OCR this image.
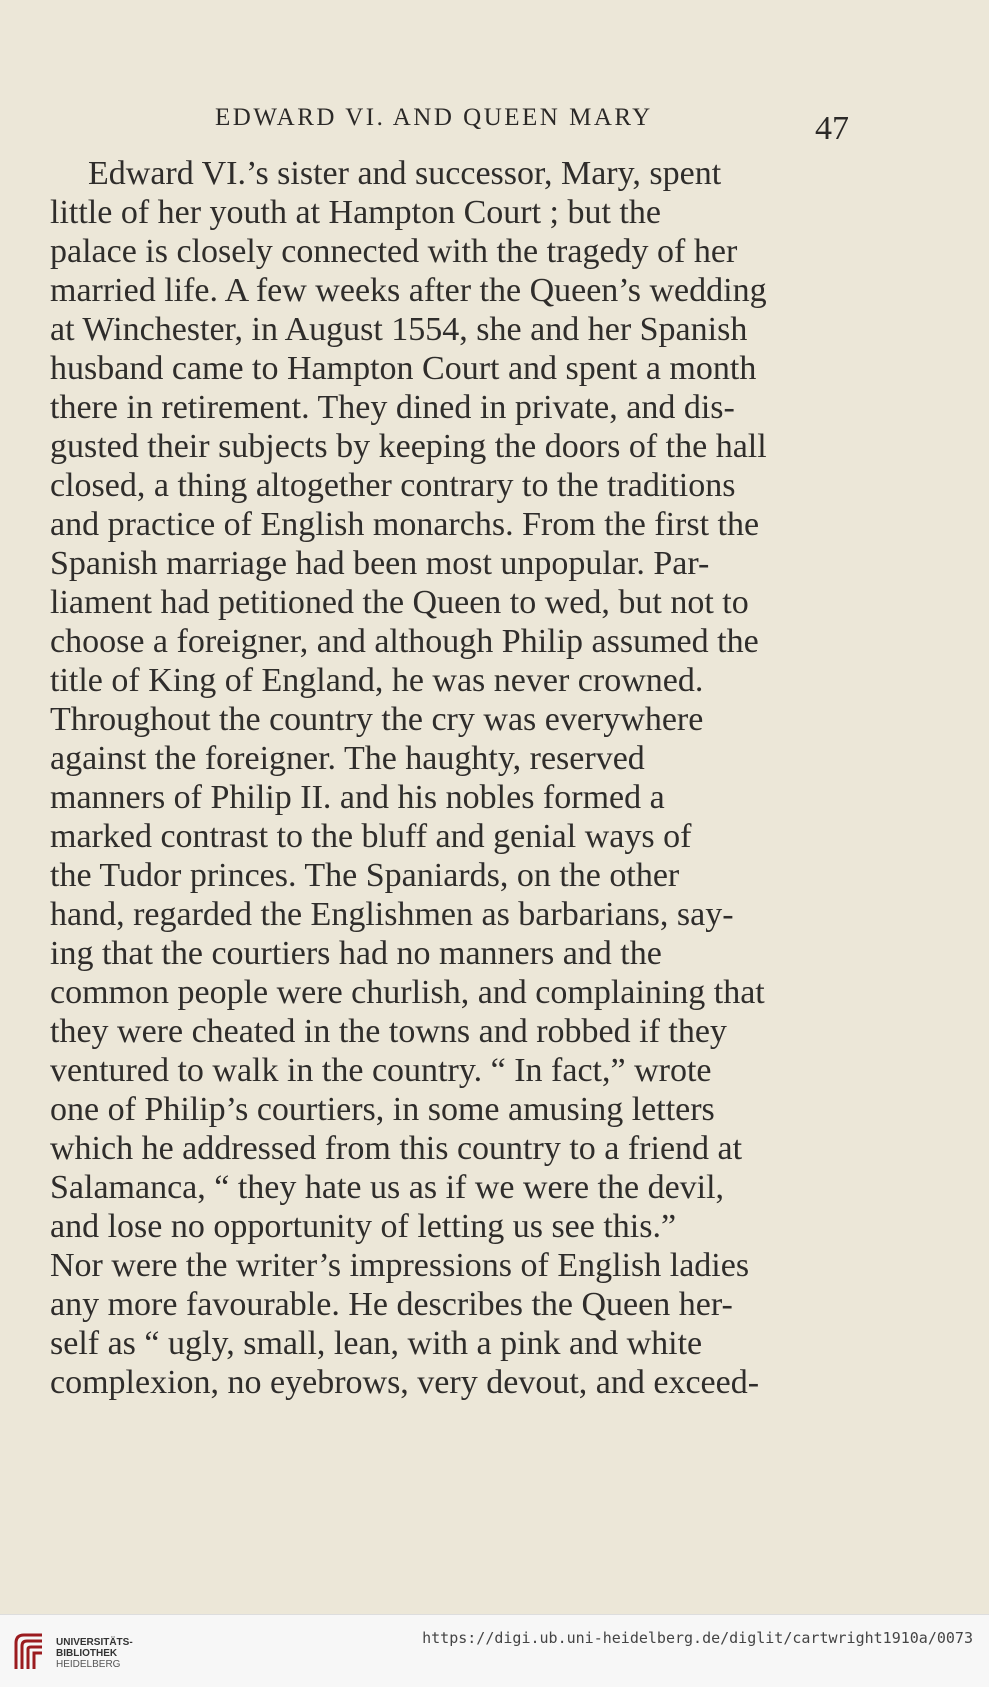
EDWARD VI. AND QUEEN MARY	47
Edward VI.’s sister and successor, Mary, spent
little of her youth at Hampton Court ; but the
palace is closely connected with the tragedy of her
married life. A few weeks after the Queen’s wedding
at Winchester, in August 1554, she and her Spanish
husband came to Hampton Court and spent a month
there in retirement. They dined in private, and dis-
gusted their subjects by keeping the doors of the hall
closed, a thing altogether contrary to the traditions
and practice of English monarchs. From the first the
Spanish marriage had been most unpopular. Par-
liament had petitioned the Queen to wed, but not to
choose a foreigner, and although Philip assumed the
title of King of England, he was never crowned.
Throughout the country the cry was everywhere
against the foreigner. The haughty, reserved
manners of Philip II. and his nobles formed a
marked contrast to the bluff and genial ways of
the Tudor princes. The Spaniards, on the other
hand, regarded the Englishmen as barbarians, say-
ing that the courtiers had no manners and the
common people were churlish, and complaining that
they were cheated in the towns and robbed if they
ventured to walk in the country. “ In fact,” wrote
one of Philip’s courtiers, in some amusing letters
which he addressed from this country to a friend at
Salamanca, “ they hate us as if we were the devil,
and lose no opportunity of letting us see this.”
Nor were the writer’s impressions of English ladies
any more favourable. He describes the Queen her-
self as “ ugly, small, lean, with a pink and white
complexion, no eyebrows, very devout, and exceed-
UNIVERSITÄTS-
BIBLIOTHEK
HEIDELBERG
https://digi.ub.uni-heidelberg.de/diglit/cartwright1910a/0073
